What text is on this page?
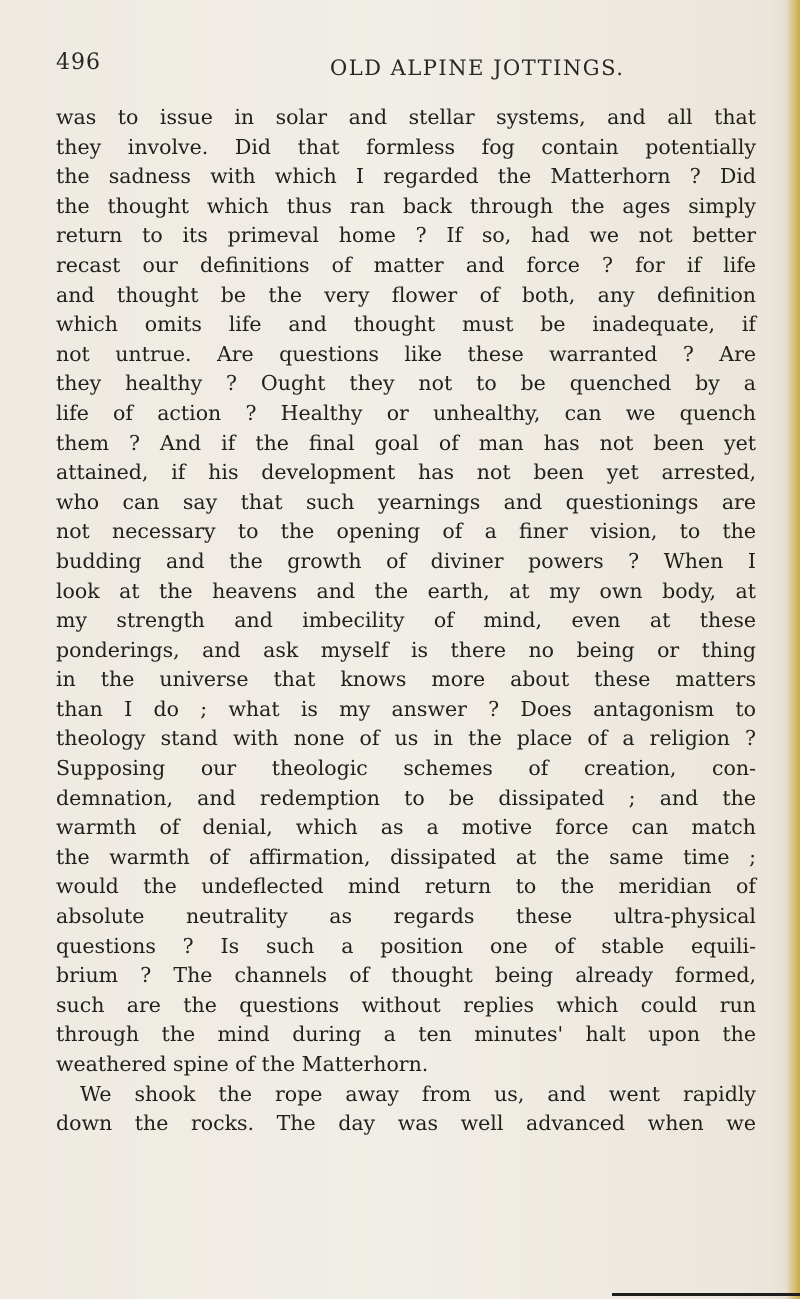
496	OLD ALPINE JOTTINGS.
was to issue in solar and stellar systems, and all that
they involve. Did that formless fog contain potentially
the sadness with which I regarded the Matterhorn ? Did
the thought which thus ran back through the ages simply
return to its primeval home ? If so, had we not better
recast our definitions of matter and force ? for if life
and thought be the very flower of both, any definition
which omits life and thought must be inadequate, if
not untrue. Are questions like these warranted ? Are
they healthy ? Ought they not to be quenched by a
life of action ? Healthy or unhealthy, can we quench
them ? And if the final goal of man has not been yet
attained, if his development has not been yet arrested,
who can say that such yearnings and questionings are
not necessary to the opening of a finer vision, to the
budding and the growth of diviner powers ? When I
look at the heavens and the earth, at my own body, at
my strength and imbecility of mind, even at these
ponderings, and ask myself is there no being or thing
in the universe that knows more about these matters
than I do ; what is my answer ? Does antagonism to
theology stand with none of us in the place of a religion ?
Supposing our theologic schemes of creation, con-
demnation, and redemption to be dissipated ; and the
warmth of denial, which as a motive force can match
the warmth of affirmation, dissipated at the same time ;
would the undeflected mind return to the meridian of
absolute neutrality as regards these ultra-physical
questions ? Is such a position one of stable equili-
brium ? The channels of thought being already formed,
such are the questions without replies which could run
through the mind during a ten minutes' halt upon the
weathered spine of the Matterhorn.
We shook the rope away from us, and went rapidly
down the rocks. The day was well advanced when we
